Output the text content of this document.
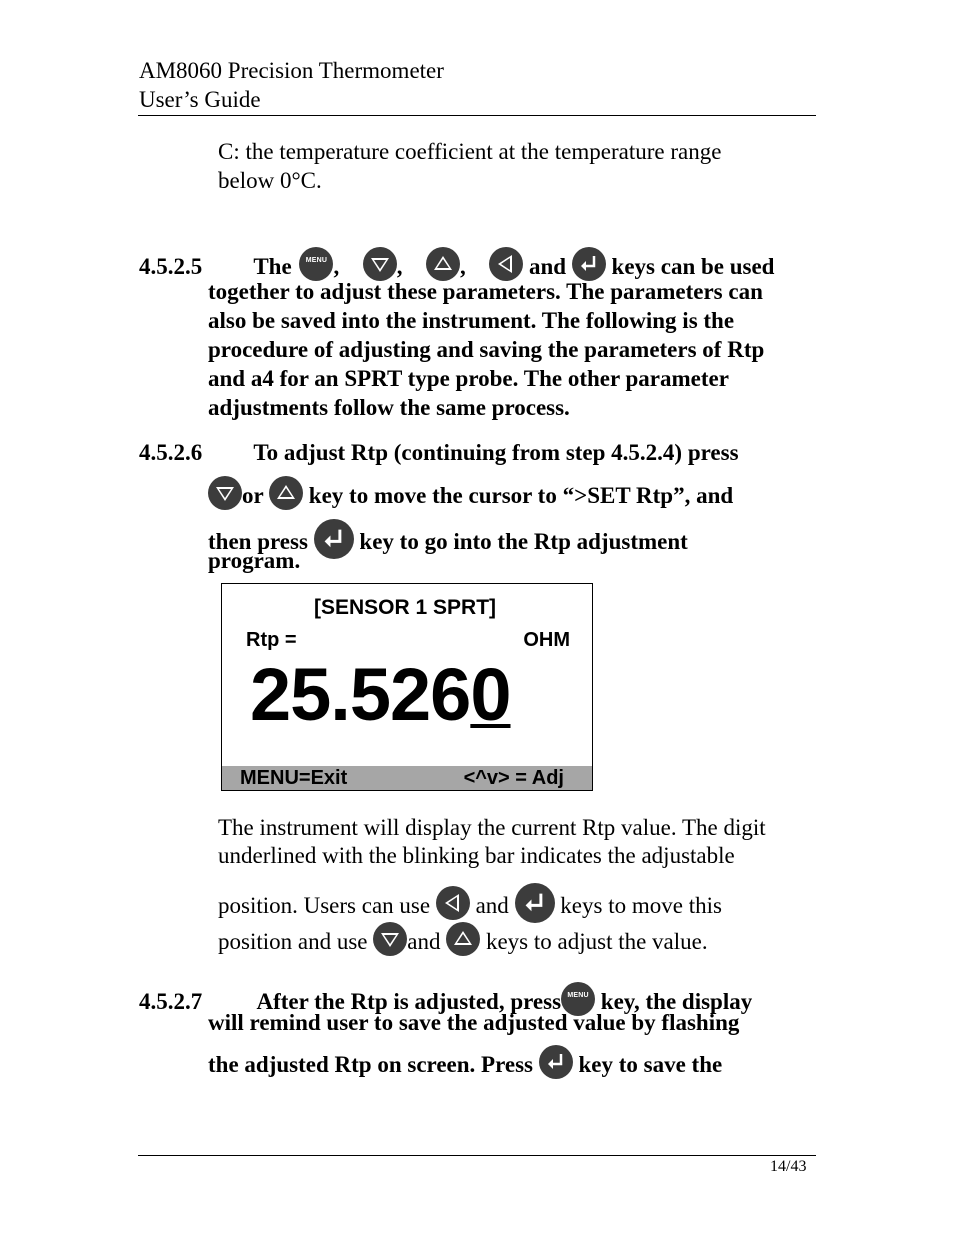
AM8060 Precision Thermometer
User’s Guide
C: the temperature coefficient at the temperature range
below 0°C.
4.5.2.5 The	MENU ,	,	,	and keys can be used
together to adjust these parameters. The parameters can
also be saved into the instrument. The following is the
procedure of adjusting and saving the parameters of Rtp
and a4 for an SPRT type probe. The other parameter
adjustments follow the same process.
4.5.2.6 To adjust Rtp (continuing from step 4.5.2.4) press
or key to move the cursor to “>SET Rtp”, and
then press key to go into the Rtp adjustment
program.
[SENSOR 1 SPRT]
Rtp =	OHM
25.5260
MENU=Exit	<^v> = Adj
The instrument will display the current Rtp value. The digit
underlined with the blinking bar indicates the adjustable
position. Users can use and keys to move this
position and use and keys to adjust the value.
4.5.2.7 After the Rtp is adjusted, press MENU key, the display
will remind user to save the adjusted value by flashing
the adjusted Rtp on screen. Press key to save the
14/43
